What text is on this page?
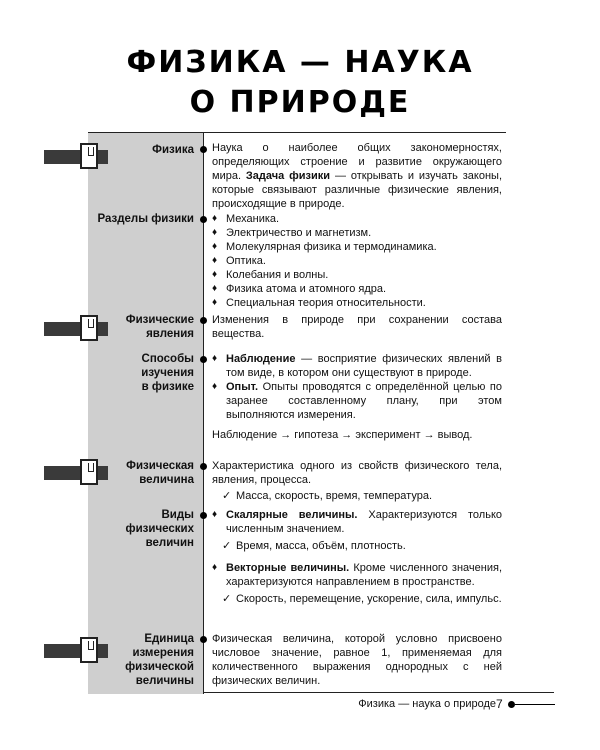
ФИЗИКА — НАУКА
О ПРИРОДЕ
Физика Наука о наиболее общих закономерностях, определяющих строение и развитие окружающего мира. Задача физики — открывать и изучать законы, которые связывают различные физические явления, происходящие в природе.

Разделы физики ♦ Механика.
♦ Электричество и магнетизм.
♦ Молекулярная физика и термодинамика.
♦ Оптика.
♦ Колебания и волны.
♦ Физика атома и атомного ядра.
♦ Специальная теория относительности.
Физические
явления
Изменения в природе при сохранении состава вещества.
Способы
изучения
в физике
♦ Наблюдение — восприятие физических явлений в том виде, в котором они существуют в природе.
♦ Опыт. Опыты проводятся с определённой целью по заранее составленному плану, при этом выполняются измерения.
Наблюдение → гипотеза → эксперимент → вывод.
Физическая
величина
Характеристика одного из свойств физического тела, явления, процесса.
✓ Масса, скорость, время, температура.
Виды
физических
величин
♦ Скалярные величины. Характеризуются только численным значением.
✓ Время, масса, объём, плотность.
♦ Векторные величины. Кроме численного значения, характеризуются направлением в пространстве.
✓ Скорость, перемещение, ускорение, сила, импульс.
Единица
измерения
физической
величины
Физическая величина, которой условно присвоено числовое значение, равное 1, применяемая для количественного выражения однородных с ней физических величин.
Физика — наука о природе 7
